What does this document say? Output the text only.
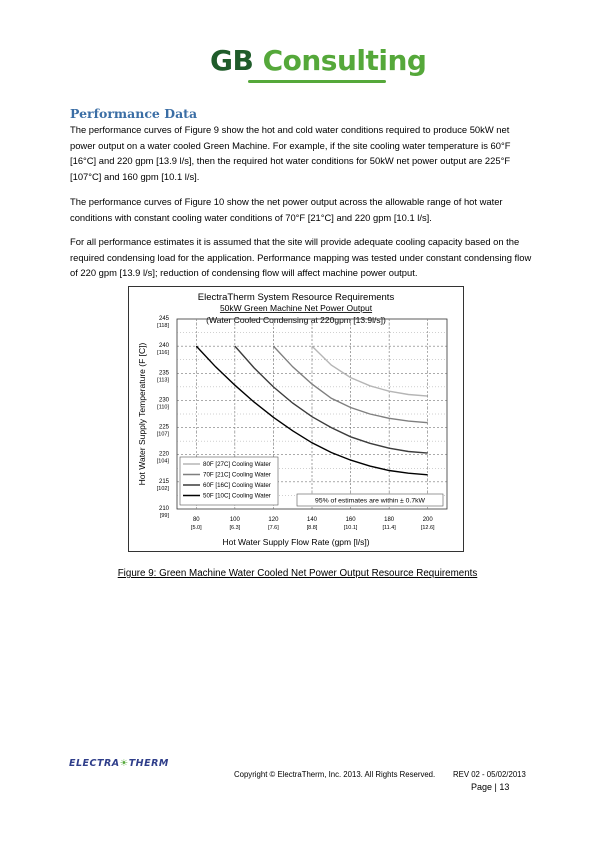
GB Consulting
Performance Data

The performance curves of Figure 9 show the hot and cold water conditions required to produce 50kW net power output on a water cooled Green Machine. For example, if the site cooling water temperature is 60°F [16°C] and 220 gpm [13.9 l/s], then the required hot water conditions for 50kW net power output are 225°F [107°C] and 160 gpm [10.1 l/s].

The performance curves of Figure 10 show the net power output across the allowable range of hot water conditions with constant cooling water conditions of 70°F [21°C] and 220 gpm [10.1 l/s].

For all performance estimates it is assumed that the site will provide adequate cooling capacity based on the required condensing load for the application. Performance mapping was tested under constant condensing flow of 220 gpm [13.9 l/s]; reduction of condensing flow will affect machine power output.

ElectraTherm System Resource Requirements
50kW Green Machine Net Power Output
(Water Cooled Condensing at 220gpm [13.9l/s])
245
[118]
240
[116]
235
[113]
230
[110]
225
[107]
220
[104]
215
[102]
210
[99]
80
[5.0]
100
[6.3]
120
[7.6]
140
[8.8]
160
[10.1]
180
[11.4]
200
[12.6]
Hot Water Supply Flow Rate (gpm [l/s])
Hot Water Supply Temperature (F [C])	80F [27C] Cooling Water
70F [21C] Cooling Water
60F [16C] Cooling Water
50F [10C] Cooling Water
95% of estimates are within ± 0.7kW
Figure 9: Green Machine Water Cooled Net Power Output Resource Requirements
ELECTRA☀THERM
Copyright © ElectraTherm, Inc. 2013. All Rights Reserved. REV 02 - 05/02/2013
Page | 13
